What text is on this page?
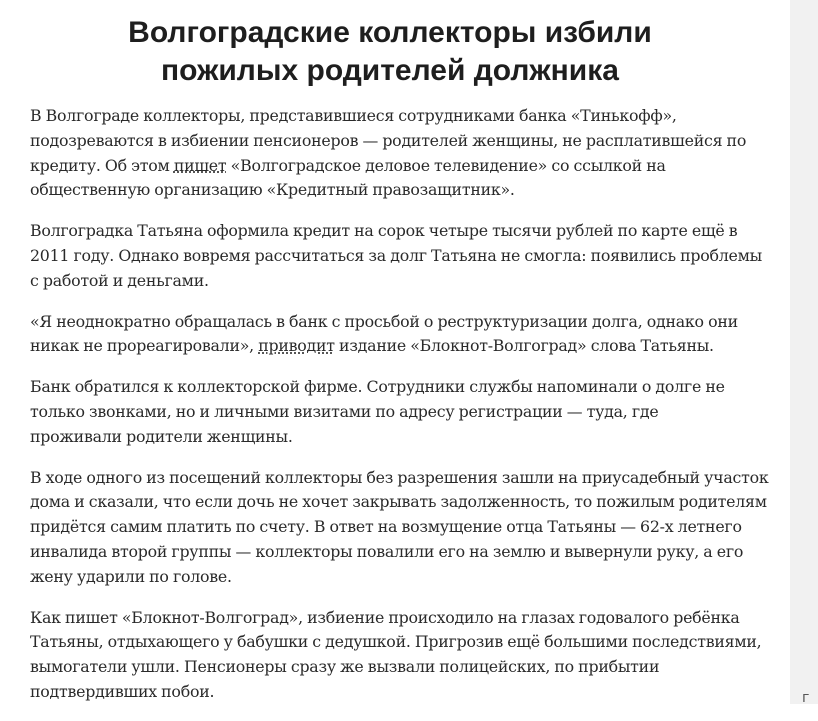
Волгоградские коллекторы избили
пожилых родителей должника

В Волгограде коллекторы, представившиеся сотрудниками банка «Тинькофф»,
подозреваются в избиении пенсионеров — родителей женщины, не расплатившейся по
кредиту. Об этом пишет «Волгоградское деловое телевидение» со ссылкой на
общественную организацию «Кредитный правозащитник».

Волгоградка Татьяна оформила кредит на сорок четыре тысячи рублей по карте ещё в
2011 году. Однако вовремя рассчитаться за долг Татьяна не смогла: появились проблемы
с работой и деньгами.

«Я неоднократно обращалась в банк с просьбой о реструктуризации долга, однако они
никак не прореагировали», приводит издание «Блокнот-Волгоград» слова Татьяны.

Банк обратился к коллекторской фирме. Сотрудники службы напоминали о долге не
только звонками, но и личными визитами по адресу регистрации — туда, где
проживали родители женщины.

В ходе одного из посещений коллекторы без разрешения зашли на приусадебный участок
дома и сказали, что если дочь не хочет закрывать задолженность, то пожилым родителям
придётся самим платить по счету. В ответ на возмущение отца Татьяны — 62-х летнего
инвалида второй группы — коллекторы повалили его на землю и вывернули руку, а его
жену ударили по голове.

Как пишет «Блокнот-Волгоград», избиение происходило на глазах годовалого ребёнка
Татьяны, отдыхающего у бабушки с дедушкой. Пригрозив ещё большими последствиями,
вымогатели ушли. Пенсионеры сразу же вызвали полицейских, по прибытии
подтвердивших побои.	г
